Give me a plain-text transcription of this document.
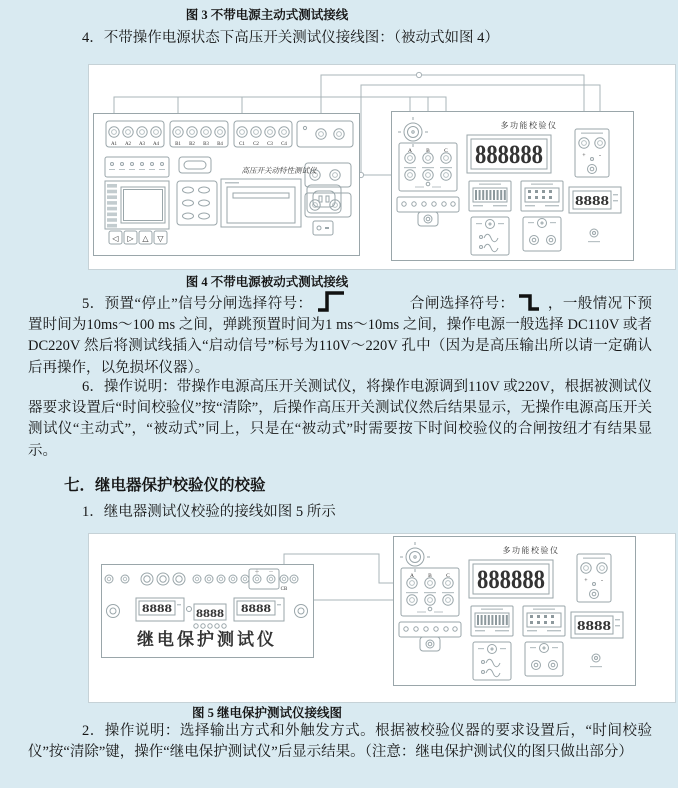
图 3 不带电源主动式测试接线
4．不带操作电源状态下高压开关测试仪接线图：（被动式如图 4）
A1 A2 A3 A4	B1 B2 B3 B4	C1 C2 C3 C4
高压开关动特性测试仪
◁ ▷ △ ▽
多功能校验仪
A	B	C 888888	+ -
8888
图 4 不带电源被动式测试接线
5．预置“停止”信号分闸选择符号：	合闸选择符号： ，一般情况下预置时间为10ms～100 ms 之间，弹跳预置时间为1 ms～10ms 之间，操作电源一般选择 DC110V 或者 DC220V 然后将测试线插入“启动信号”标号为110V～220V 孔中（因为是高压输出所以请一定确认后再操作，以免损坏仪器）。
6．操作说明：带操作电源高压开关测试仪，将操作电源调到110V 或220V，根据被测试仪器要求设置后“时间校验仪”按“清除”，后操作高压开关测试仪然后结果显示，无操作电源高压开关测试仪“主动式”，“被动式”同上，只是在“被动式”时需要按下时间校验仪的合闸按纽才有结果显示。
七．继电器保护校验仪的校验
1．继电器测试仪校验的接线如图 5 所示
＋ －
CB
8888 8888 8888
继电保护测试仪
多功能校验仪
A	B	C 888888	+ -
8888
图 5 继电保护测试仪接线图
2．操作说明：选择输出方式和外触发方式。根据被校验仪器的要求设置后，“时间校验仪”按“清除”键，操作“继电保护测试仪”后显示结果。（注意：继电保护测试仪的图只做出部分）
